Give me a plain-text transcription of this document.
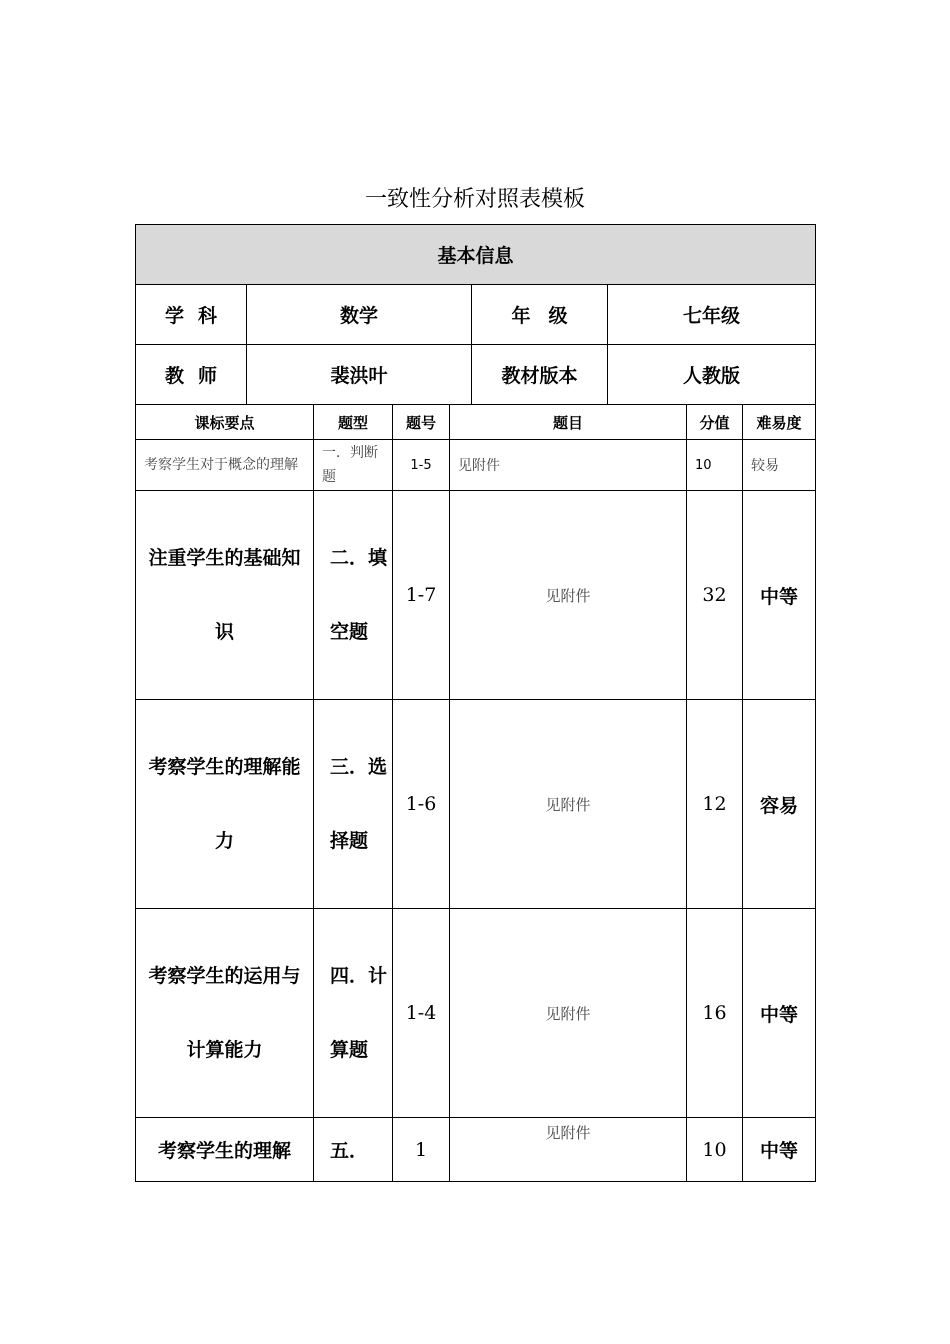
一致性分析对照表模板
基本信息			
学科	数学	年级	七年级
教师	裴洪叶	教材版本	人教版
课标要点	题型	题号	题目	分值	难易度
考察学生对于概念的理解	一．判断题	1-5	见附件	10	较易
注重学生的基础知识	二．填空题	1-7	见附件	32	中等
考察学生的理解能力	三．选择题	1-6	见附件	12	容易
考察学生的运用与计算能力	四．计算题	1-4	见附件	16	中等
考察学生的理解	五．	1	见附件	10	中等
